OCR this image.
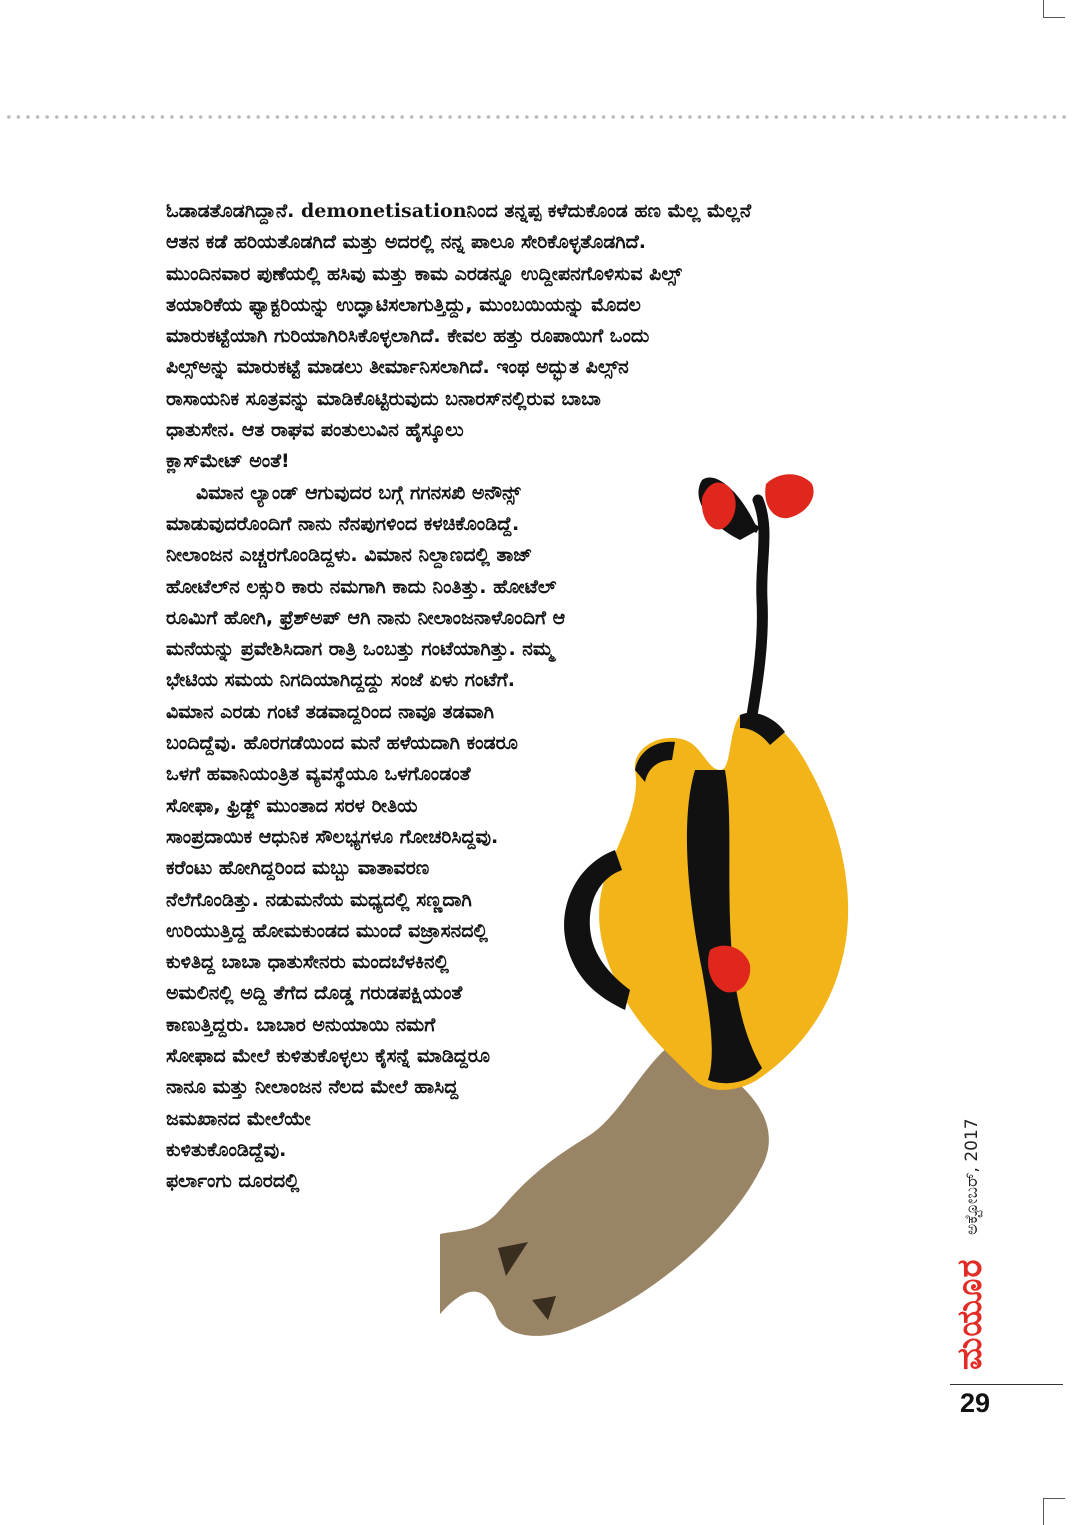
ಓಡಾಡತೊಡಗಿದ್ದಾನೆ. demonetisationನಿಂದ ತನ್ನಪ್ಪ ಕಳೆದುಕೊಂಡ ಹಣ ಮೆಲ್ಲ ಮೆಲ್ಲನೆ
ಆತನ ಕಡೆ ಹರಿಯತೊಡಗಿದೆ ಮತ್ತು ಅದರಲ್ಲಿ ನನ್ನ ಪಾಲೂ ಸೇರಿಕೊಳ್ಳತೊಡಗಿದೆ.
ಮುಂದಿನವಾರ ಪುಣೆಯಲ್ಲಿ ಹಸಿವು ಮತ್ತು ಕಾಮ ಎರಡನ್ನೂ ಉದ್ದೀಪನಗೊಳಿಸುವ ಪಿಲ್ಸ್
ತಯಾರಿಕೆಯ ಫ್ಯಾಕ್ಟರಿಯನ್ನು ಉದ್ಘಾಟಿಸಲಾಗುತ್ತಿದ್ದು, ಮುಂಬಯಿಯನ್ನು ಮೊದಲ
ಮಾರುಕಟ್ಟೆಯಾಗಿ ಗುರಿಯಾಗಿರಿಸಿಕೊಳ್ಳಲಾಗಿದೆ. ಕೇವಲ ಹತ್ತು ರೂಪಾಯಿಗೆ ಒಂದು
ಪಿಲ್ಸ್‌ಅನ್ನು ಮಾರುಕಟ್ಟೆ ಮಾಡಲು ತೀರ್ಮಾನಿಸಲಾಗಿದೆ. ಇಂಥ ಅದ್ಭುತ ಪಿಲ್ಸ್‌ನ
ರಾಸಾಯನಿಕ ಸೂತ್ರವನ್ನು ಮಾಡಿಕೊಟ್ಟಿರುವುದು ಬನಾರಸ್‌ನಲ್ಲಿರುವ ಬಾಬಾ
ಧಾತುಸೇನ. ಆತ ರಾಘವ ಪಂತುಲುವಿನ ಹೈಸ್ಕೂಲು
ಕ್ಲಾಸ್‌ಮೇಟ್ ಅಂತೆ!
ವಿಮಾನ ಲ್ಯಾಂಡ್ ಆಗುವುದರ ಬಗ್ಗೆ ಗಗನಸಖಿ ಅನೌನ್ಸ್
ಮಾಡುವುದರೊಂದಿಗೆ ನಾನು ನೆನಪುಗಳಿಂದ ಕಳಚಿಕೊಂಡಿದ್ದೆ.
ನೀಲಾಂಜನ ಎಚ್ಚರಗೊಂಡಿದ್ದಳು. ವಿಮಾನ ನಿಲ್ದಾಣದಲ್ಲಿ ತಾಜ್
ಹೋಟೆಲ್‌ನ ಲಕ್ಸುರಿ ಕಾರು ನಮಗಾಗಿ ಕಾದು ನಿಂತಿತ್ತು. ಹೋಟೆಲ್
ರೂಮಿಗೆ ಹೋಗಿ, ಫ್ರೆಶ್‌ಅಪ್ ಆಗಿ ನಾನು ನೀಲಾಂಜನಾಳೊಂದಿಗೆ ಆ
ಮನೆಯನ್ನು ಪ್ರವೇಶಿಸಿದಾಗ ರಾತ್ರಿ ಒಂಬತ್ತು ಗಂಟೆಯಾಗಿತ್ತು. ನಮ್ಮ
ಭೇಟಿಯ ಸಮಯ ನಿಗದಿಯಾಗಿದ್ದದ್ದು ಸಂಜೆ ಏಳು ಗಂಟೆಗೆ.
ವಿಮಾನ ಎರಡು ಗಂಟೆ ತಡವಾದ್ದರಿಂದ ನಾವೂ ತಡವಾಗಿ
ಬಂದಿದ್ದೆವು. ಹೊರಗಡೆಯಿಂದ ಮನೆ ಹಳೆಯದಾಗಿ ಕಂಡರೂ
ಒಳಗೆ ಹವಾನಿಯಂತ್ರಿತ ವ್ಯವಸ್ಥೆಯೂ ಒಳಗೊಂಡಂತೆ
ಸೋಫಾ, ಫ್ರಿಡ್ಜ್ ಮುಂತಾದ ಸರಳ ರೀತಿಯ
ಸಾಂಪ್ರದಾಯಿಕ ಆಧುನಿಕ ಸೌಲಭ್ಯಗಳೂ ಗೋಚರಿಸಿದ್ದವು.
ಕರೆಂಟು ಹೋಗಿದ್ದರಿಂದ ಮಬ್ಬು ವಾತಾವರಣ
ನೆಲೆಗೊಂಡಿತ್ತು. ನಡುಮನೆಯ ಮಧ್ಯದಲ್ಲಿ ಸಣ್ಣದಾಗಿ
ಉರಿಯುತ್ತಿದ್ದ ಹೋಮಕುಂಡದ ಮುಂದೆ ವಜ್ರಾಸನದಲ್ಲಿ
ಕುಳಿತಿದ್ದ ಬಾಬಾ ಧಾತುಸೇನರು ಮಂದಬೆಳಕಿನಲ್ಲಿ
ಅಮಲಿನಲ್ಲಿ ಅದ್ದಿ ತೆಗೆದ ದೊಡ್ಡ ಗರುಡಪಕ್ಷಿಯಂತೆ
ಕಾಣುತ್ತಿದ್ದರು. ಬಾಬಾರ ಅನುಯಾಯಿ ನಮಗೆ
ಸೋಫಾದ ಮೇಲೆ ಕುಳಿತುಕೊಳ್ಳಲು ಕೈಸನ್ನೆ ಮಾಡಿದ್ದರೂ
ನಾನೂ ಮತ್ತು ನೀಲಾಂಜನ ನೆಲದ ಮೇಲೆ ಹಾಸಿದ್ದ
ಜಮಖಾನದ ಮೇಲೆಯೇ
ಕುಳಿತುಕೊಂಡಿದ್ದೆವು.
ಫರ್ಲಾಂಗು ದೂರದಲ್ಲಿ	ಅಕ್ಟೋಬರ್, 2017
ಮಯೂರ
29
